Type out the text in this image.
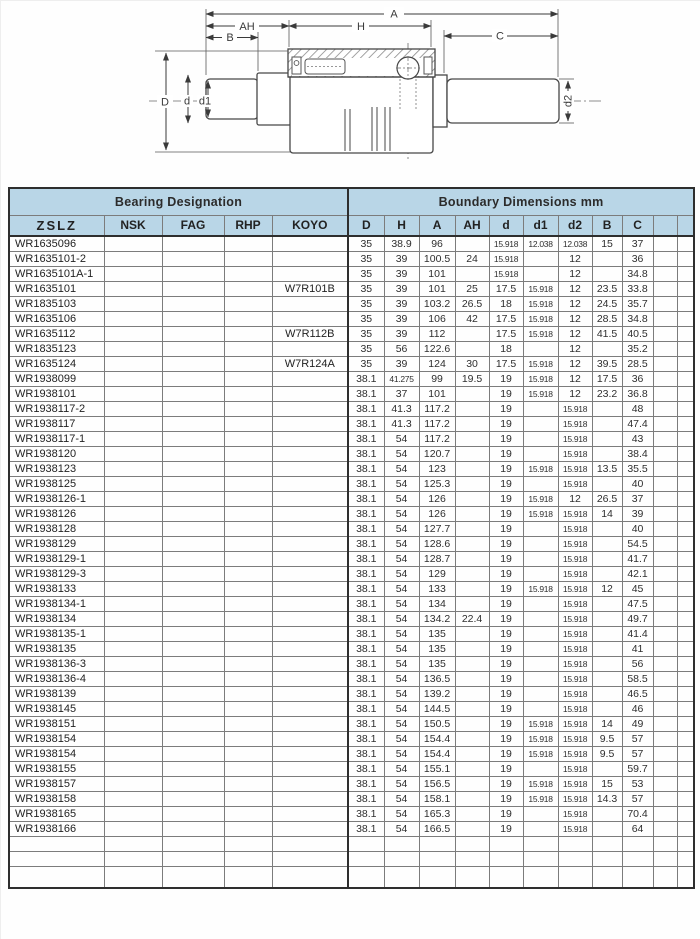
A
AH	H
B	C
D d d1	d2
Bearing Designation					Boundary Dimensions mm										
ZSLZ	NSK	FAG	RHP	KOYO	D	H	A	AH	d	d1	d2	B	C		
WR1635096					35	38.9	96		15.918	12.038	12.038	15	37		
WR1635101-2					35	39	100.5	24	15.918		12		36		
WR1635101A-1					35	39	101		15.918		12		34.8		
WR1635101				W7R101B	35	39	101	25	17.5	15.918	12	23.5	33.8		
WR1835103					35	39	103.2	26.5	18	15.918	12	24.5	35.7		
WR1635106					35	39	106	42	17.5	15.918	12	28.5	34.8		
WR1635112				W7R112B	35	39	112		17.5	15.918	12	41.5	40.5		
WR1835123					35	56	122.6		18		12		35.2		
WR1635124				W7R124A	35	39	124	30	17.5	15.918	12	39.5	28.5		
WR1938099					38.1	41.275	99	19.5	19	15.918	12	17.5	36		
WR1938101					38.1	37	101		19	15.918	12	23.2	36.8		
WR1938117-2					38.1	41.3	117.2		19		15.918		48		
WR1938117					38.1	41.3	117.2		19		15.918		47.4		
WR1938117-1					38.1	54	117.2		19		15.918		43		
WR1938120					38.1	54	120.7		19		15.918		38.4		
WR1938123					38.1	54	123		19	15.918	15.918	13.5	35.5		
WR1938125					38.1	54	125.3		19		15.918		40		
WR1938126-1					38.1	54	126		19	15.918	12	26.5	37		
WR1938126					38.1	54	126		19	15.918	15.918	14	39		
WR1938128					38.1	54	127.7		19		15.918		40		
WR1938129					38.1	54	128.6		19		15.918		54.5		
WR1938129-1					38.1	54	128.7		19		15.918		41.7		
WR1938129-3					38.1	54	129		19		15.918		42.1		
WR1938133					38.1	54	133		19	15.918	15.918	12	45		
WR1938134-1					38.1	54	134		19		15.918		47.5		
WR1938134					38.1	54	134.2	22.4	19		15.918		49.7		
WR1938135-1					38.1	54	135		19		15.918		41.4		
WR1938135					38.1	54	135		19		15.918		41		
WR1938136-3					38.1	54	135		19		15.918		56		
WR1938136-4					38.1	54	136.5		19		15.918		58.5		
WR1938139					38.1	54	139.2		19		15.918		46.5		
WR1938145					38.1	54	144.5		19		15.918		46		
WR1938151					38.1	54	150.5		19	15.918	15.918	14	49		
WR1938154					38.1	54	154.4		19	15.918	15.918	9.5	57		
WR1938154					38.1	54	154.4		19	15.918	15.918	9.5	57		
WR1938155					38.1	54	155.1		19		15.918		59.7		
WR1938157					38.1	54	156.5		19	15.918	15.918	15	53		
WR1938158					38.1	54	158.1		19	15.918	15.918	14.3	57		
WR1938165					38.1	54	165.3		19		15.918		70.4		
WR1938166					38.1	54	166.5		19		15.918		64		
